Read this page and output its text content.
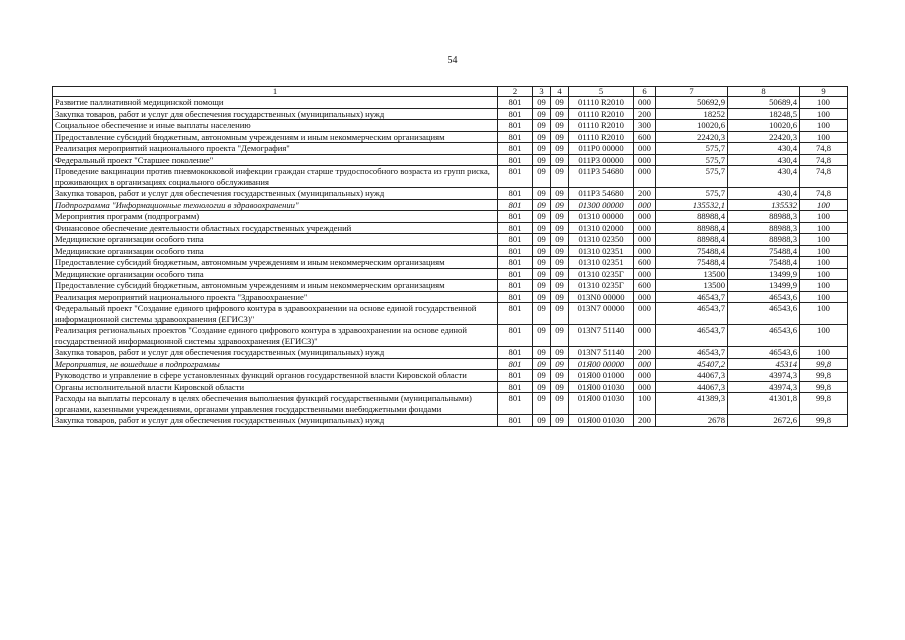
54
1	2	3	4	5	6	7	8	9
Развитие паллиативной медицинской помощи	801	09	09	01110 R2010	000	50692,9	50689,4	100
Закупка товаров, работ и услуг для обеспечения государственных (муниципальных) нужд	801	09	09	01110 R2010	200	18252	18248,5	100
Социальное обеспечение и иные выплаты населению	801	09	09	01110 R2010	300	10020,6	10020,6	100
Предоставление субсидий бюджетным, автономным учреждениям и иным некоммерческим организациям	801	09	09	01110 R2010	600	22420,3	22420,3	100
Реализация мероприятий национального проекта "Демография"	801	09	09	011P0 00000	000	575,7	430,4	74,8
Федеральный проект "Старшее поколение"	801	09	09	011P3 00000	000	575,7	430,4	74,8
Проведение вакцинации против пневмококковой инфекции граждан старше трудоспособного возраста из групп риска, проживающих в организациях социального обслуживания	801	09	09	011P3 54680	000	575,7	430,4	74,8
Закупка товаров, работ и услуг для обеспечения государственных (муниципальных) нужд	801	09	09	011P3 54680	200	575,7	430,4	74,8
Подпрограмма "Информационные технологии в здравоохранении"	801	09	09	01300 00000	000	135532,1	135532	100
Мероприятия программ (подпрограмм)	801	09	09	01310 00000	000	88988,4	88988,3	100
Финансовое обеспечение деятельности областных государственных учреждений	801	09	09	01310 02000	000	88988,4	88988,3	100
Медицинские организации особого типа	801	09	09	01310 02350	000	88988,4	88988,3	100
Медицинские организации особого типа	801	09	09	01310 02351	000	75488,4	75488,4	100
Предоставление субсидий бюджетным, автономным учреждениям и иным некоммерческим организациям	801	09	09	01310 02351	600	75488,4	75488,4	100
Медицинские организации особого типа	801	09	09	01310 0235Г	000	13500	13499,9	100
Предоставление субсидий бюджетным, автономным учреждениям и иным некоммерческим организациям	801	09	09	01310 0235Г	600	13500	13499,9	100
Реализация мероприятий национального проекта "Здравоохранение"	801	09	09	013N0 00000	000	46543,7	46543,6	100
Федеральный проект "Создание единого цифрового контура в здравоохранении на основе единой государственной информационной системы здравоохранения (ЕГИСЗ)"	801	09	09	013N7 00000	000	46543,7	46543,6	100
Реализация региональных проектов "Создание единого цифрового контура в здравоохранении на основе единой государственной информационной системы здравоохранения (ЕГИСЗ)"	801	09	09	013N7 51140	000	46543,7	46543,6	100
Закупка товаров, работ и услуг для обеспечения государственных (муниципальных) нужд	801	09	09	013N7 51140	200	46543,7	46543,6	100
Мероприятия, не вошедшие в подпрограммы	801	09	09	01Я00 00000	000	45407,2	45314	99,8
Руководство и управление в сфере установленных функций органов государственной власти Кировской области	801	09	09	01Я00 01000	000	44067,3	43974,3	99,8
Органы исполнительной власти Кировской области	801	09	09	01Я00 01030	000	44067,3	43974,3	99,8
Расходы на выплаты персоналу в целях обеспечения выполнения функций государственными (муниципальными) органами, казенными учреждениями, органами управления государственными внебюджетными фондами	801	09	09	01Я00 01030	100	41389,3	41301,8	99,8
Закупка товаров, работ и услуг для обеспечения государственных (муниципальных) нужд	801	09	09	01Я00 01030	200	2678	2672,6	99,8
